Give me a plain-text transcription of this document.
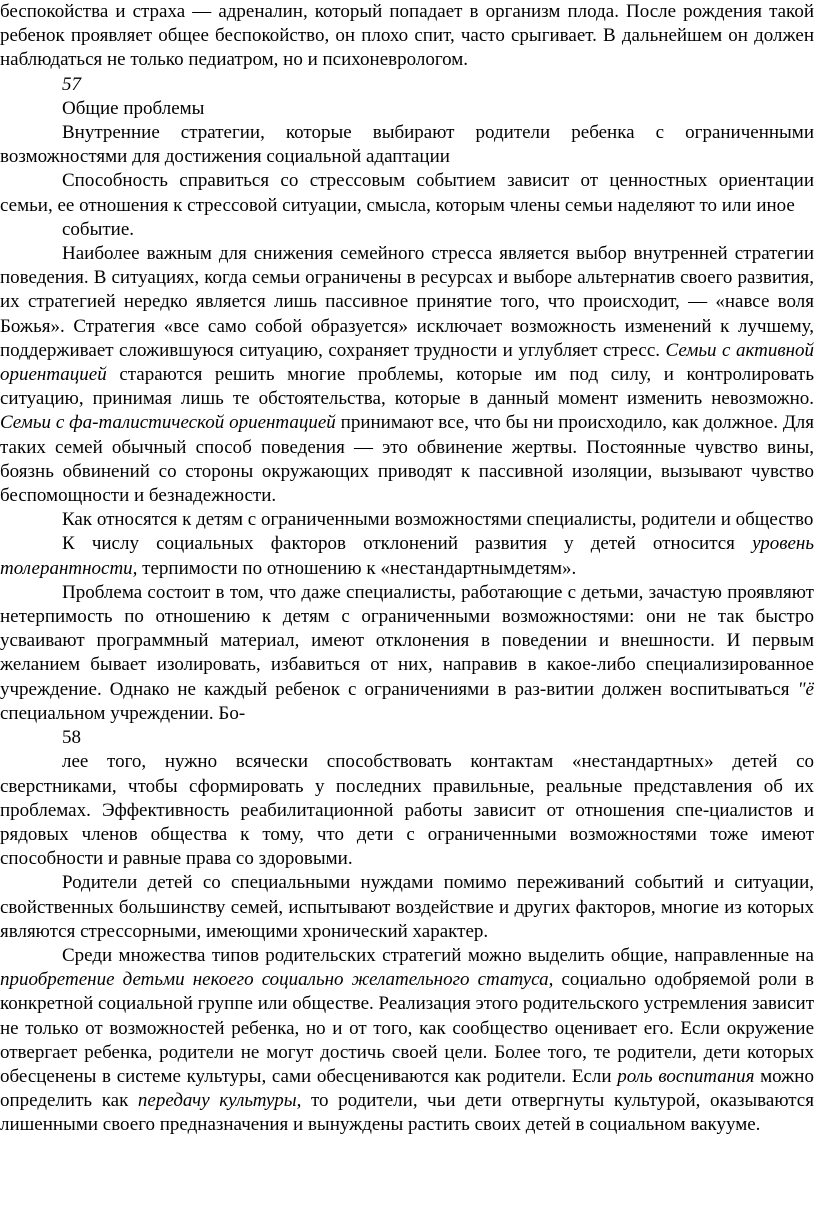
беспокойства и страха — адреналин, который попадает в организм плода. После рождения такой ребенок проявляет общее беспокойство, он плохо спит, часто срыгивает. В дальнейшем он должен наблюдаться не только педиатром, но и психоневрологом.

57

Общие проблемы

Внутренние стратегии, которые выбирают родители ребенка с ограниченными возможностями для достижения социальной адаптации

Способность справиться со стрессовым событием зависит от ценностных ориентации семьи, ее отношения к стрессовой ситуации, смысла, которым члены семьи наделяют то или иное

событие.

Наиболее важным для снижения семейного стресса является выбор внутренней стратегии поведения. В ситуациях, когда семьи ограничены в ресурсах и выборе альтернатив своего развития, их стратегией нередко является лишь пассивное принятие того, что происходит, — «навсе воля Божья». Стратегия «все само собой образуется» исключает возможность изменений к лучшему, поддерживает сложившуюся ситуацию, сохраняет трудности и углубляет стресс. Семьи с активной ориентацией стараются решить многие проблемы, которые им под силу, и контролировать ситуацию, принимая лишь те обстоятельства, которые в данный момент изменить невозможно. Семьи с фа-талистической ориентацией принимают все, что бы ни происходило, как должное. Для таких семей обычный способ поведения — это обвинение жертвы. Постоянные чувство вины, боязнь обвинений со стороны окружающих приводят к пассивной изоляции, вызывают чувство беспомощности и безнадежности.

Как относятся к детям с ограниченными возможностями специалисты, родители и общество

К числу социальных факторов отклонений развития у детей относится уровень толерантности, терпимости по отношению к «нестандартнымдетям».

Проблема состоит в том, что даже специалисты, работающие с детьми, зачастую проявляют нетерпимость по отношению к детям с ограниченными возможностями: они не так быстро усваивают программный материал, имеют отклонения в поведении и внешности. И первым желанием бывает изолировать, избавиться от них, направив в какое-либо специализированное учреждение. Однако не каждый ребенок с ограничениями в раз-витии должен воспитываться "ё специальном учреждении. Бо-

58

лее того, нужно всячески способствовать контактам «нестандартных» детей со сверстниками, чтобы сформировать у последних правильные, реальные представления об их проблемах. Эффективность реабилитационной работы зависит от отношения спе-циалистов и рядовых членов общества к тому, что дети с ограниченными возможностями тоже имеют способности и равные права со здоровыми.

Родители детей со специальными нуждами помимо переживаний событий и ситуации, свойственных большинству семей, испытывают воздействие и других факторов, многие из которых являются стрессорными, имеющими хронический характер.

Среди множества типов родительских стратегий можно выделить общие, направленные на приобретение детьми некоего социально желательного статуса, социально одобряемой роли в конкретной социальной группе или обществе. Реализация этого родительского устремления зависит не только от возможностей ребенка, но и от того, как сообщество оценивает его. Если окружение отвергает ребенка, родители не могут достичь своей цели. Более того, те родители, дети которых обесценены в системе культуры, сами обесцениваются как родители. Если роль воспитания можно определить как передачу культуры, то родители, чьи дети отвергнуты культурой, оказываются лишенными своего предназначения и вынуждены растить своих детей в социальном вакууме.
